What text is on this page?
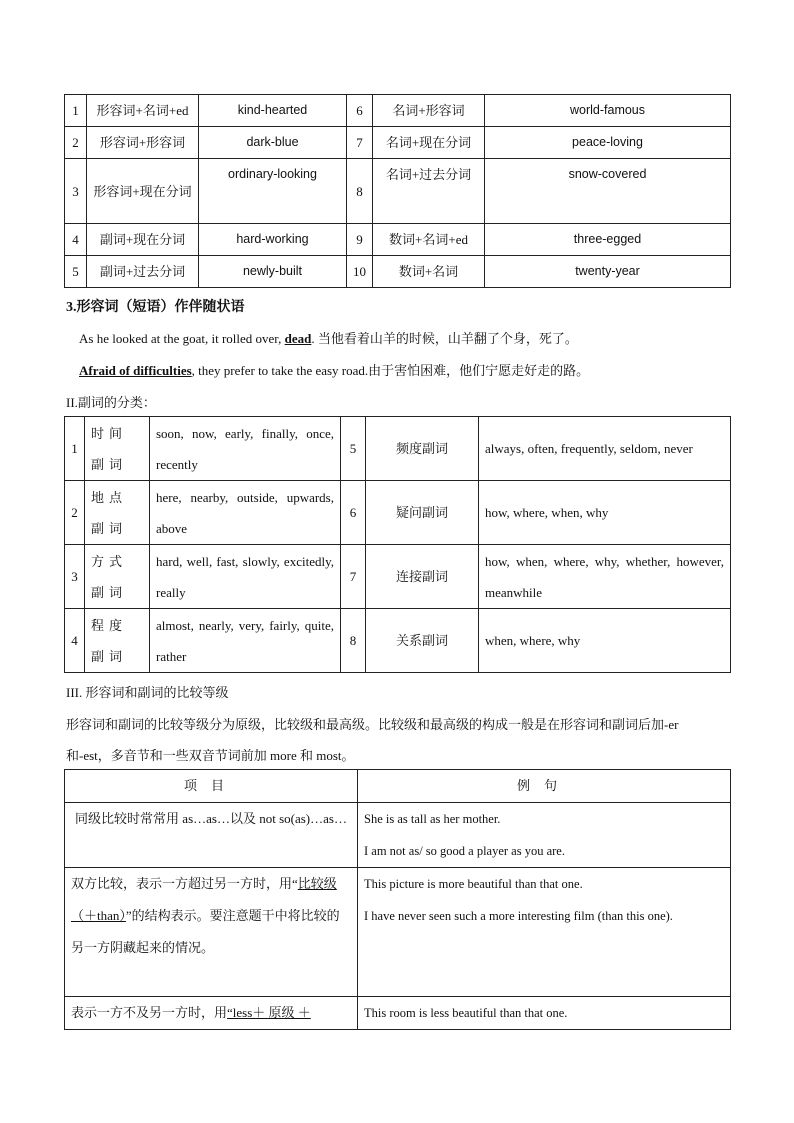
1	形容词+名词+ed	kind-hearted	6	名词+形容词	world-famous
2	形容词+形容词	dark-blue	7	名词+现在分词	peace-loving
3	形容词+现在分词	ordinary-looking	8	名词+过去分词	snow-covered
4	副词+现在分词	hard-working	9	数词+名词+ed	three-egged
5	副词+过去分词	newly-built	10	数词+名词	twenty-year
3.形容词（短语）作伴随状语
As he looked at the goat, it rolled over, dead. 当他看着山羊的时候，山羊翻了个身，死了。
Afraid of difficulties, they prefer to take the easy road.由于害怕困难，他们宁愿走好走的路。
II.副词的分类：
1	时间副词	soon, now, early, finally, once, recently	5	频度副词	always, often, frequently, seldom, never
2	地点副词	here, nearby, outside, upwards, above	6	疑问副词	how, where, when, why
3	方式副词	hard, well, fast, slowly, excitedly, really	7	连接副词	how, when, where, why, whether, however, meanwhile
4	程度副词	almost, nearly, very, fairly, quite, rather	8	关系副词	when, where, why
III. 形容词和副词的比较等级
形容词和副词的比较等级分为原级，比较级和最高级。比较级和最高级的构成一般是在形容词和副词后加-er
和-est，多音节和一些双音节词前加 more 和 most。
项目	例句
同级比较时常常用 as…as…以及 not so(as)…as…	She is as tall as her mother.
I am not as/ so good a player as you are.

双方比较，表示一方超过另一方时，用“比较级 （＋than）”的结构表示。要注意题干中将比较的另一方阴藏起来的情况。	This picture is more beautiful than that one.
I have never seen such a more interesting film (than this one).

表示一方不及另一方时，用“less＋ 原级 ＋	This room is less beautiful than that one.
